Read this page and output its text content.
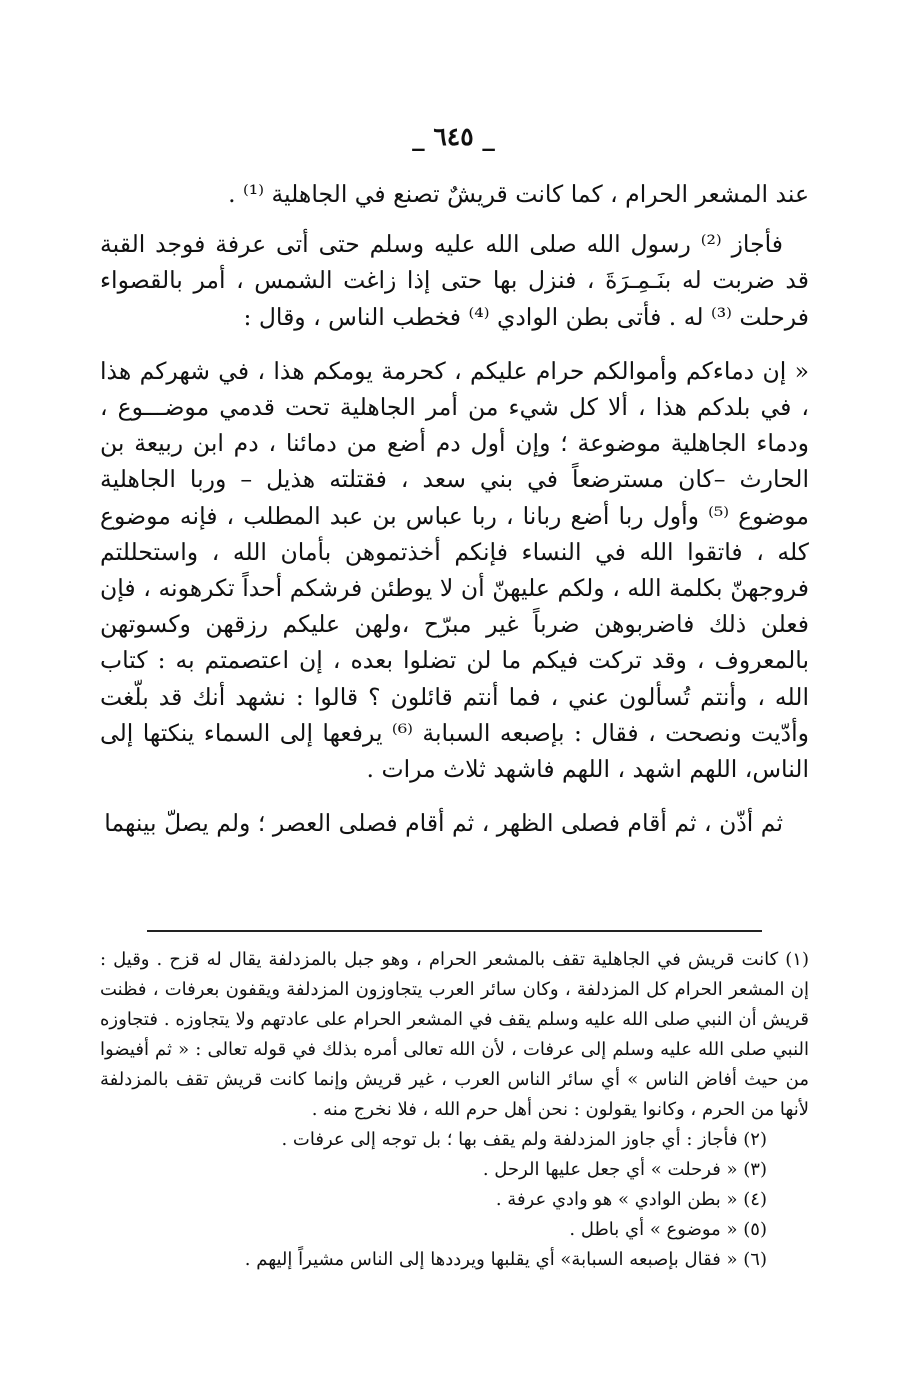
_ ٦٤٥ _

عند المشعر الحرام ، كما كانت قريشٌ تصنع في الجاهلية ⁽¹⁾ .

فأجاز ⁽²⁾ رسول الله صلى الله عليه وسلم حتى أتى عرفة فوجد القبة قد ضربت له بنَـمِـرَةَ ، فنزل بها حتى إذا زاغت الشمس ، أمر بالقصواء فرحلت ⁽³⁾ له . فأتى بطن الوادي ⁽⁴⁾ فخطب الناس ، وقال :

« إن دماءكم وأموالكم حرام عليكم ، كحرمة يومكم هذا ، في شهركم هذا ، في بلدكم هذا ، ألا كل شيء من أمر الجاهلية تحت قدمي موضـــوع ، ودماء الجاهلية موضوعة ؛ وإن أول دم أضع من دمائنا ، دم ابن ربيعة بن الحارث –كان مسترضعاً في بني سعد ، فقتلته هذيل – وربا الجاهلية موضوع ⁽⁵⁾ وأول ربا أضع ربانا ، ربا عباس بن عبد المطلب ، فإنه موضوع كله ، فاتقوا الله في النساء فإنكم أخذتموهن بأمان الله ، واستحللتم فروجهنّ بكلمة الله ، ولكم عليهنّ أن لا يوطئن فرشكم أحداً تكرهونه ، فإن فعلن ذلك فاضربوهن ضرباً غير مبرّح ،ولهن عليكم رزقهن وكسوتهن بالمعروف ، وقد تركت فيكم ما لن تضلوا بعده ، إن اعتصمتم به : كتاب الله ، وأنتم تُسألون عني ، فما أنتم قائلون ؟ قالوا : نشهد أنك قد بلّغت وأدّيت ونصحت ، فقال : بإصبعه السبابة ⁽⁶⁾ يرفعها إلى السماء ينكتها إلى الناس، اللهم اشهد ، اللهم فاشهد ثلاث مرات .

ثم أذّن ، ثم أقام فصلى الظهر ، ثم أقام فصلى العصر ؛ ولم يصلّ بينهما

(١) كانت قريش في الجاهلية تقف بالمشعر الحرام ، وهو جبل بالمزدلفة يقال له قزح . وقيل : إن المشعر الحرام كل المزدلفة ، وكان سائر العرب يتجاوزون المزدلفة ويقفون بعرفات ، فظنت قريش أن النبي صلى الله عليه وسلم يقف في المشعر الحرام على عادتهم ولا يتجاوزه . فتجاوزه النبي صلى الله عليه وسلم إلى عرفات ، لأن الله تعالى أمره بذلك في قوله تعالى : « ثم أفيضوا من حيث أفاض الناس » أي سائر الناس العرب ، غير قريش وإنما كانت قريش تقف بالمزدلفة لأنها من الحرم ، وكانوا يقولون : نحن أهل حرم الله ، فلا نخرج منه .

(٢) فأجاز : أي جاوز المزدلفة ولم يقف بها ؛ بل توجه إلى عرفات .

(٣) « فرحلت » أي جعل عليها الرحل .

(٤) « بطن الوادي » هو وادي عرفة .

(٥) « موضوع » أي باطل .

(٦) « فقال بإصبعه السبابة» أي يقلبها ويرددها إلى الناس مشيراً إليهم .
